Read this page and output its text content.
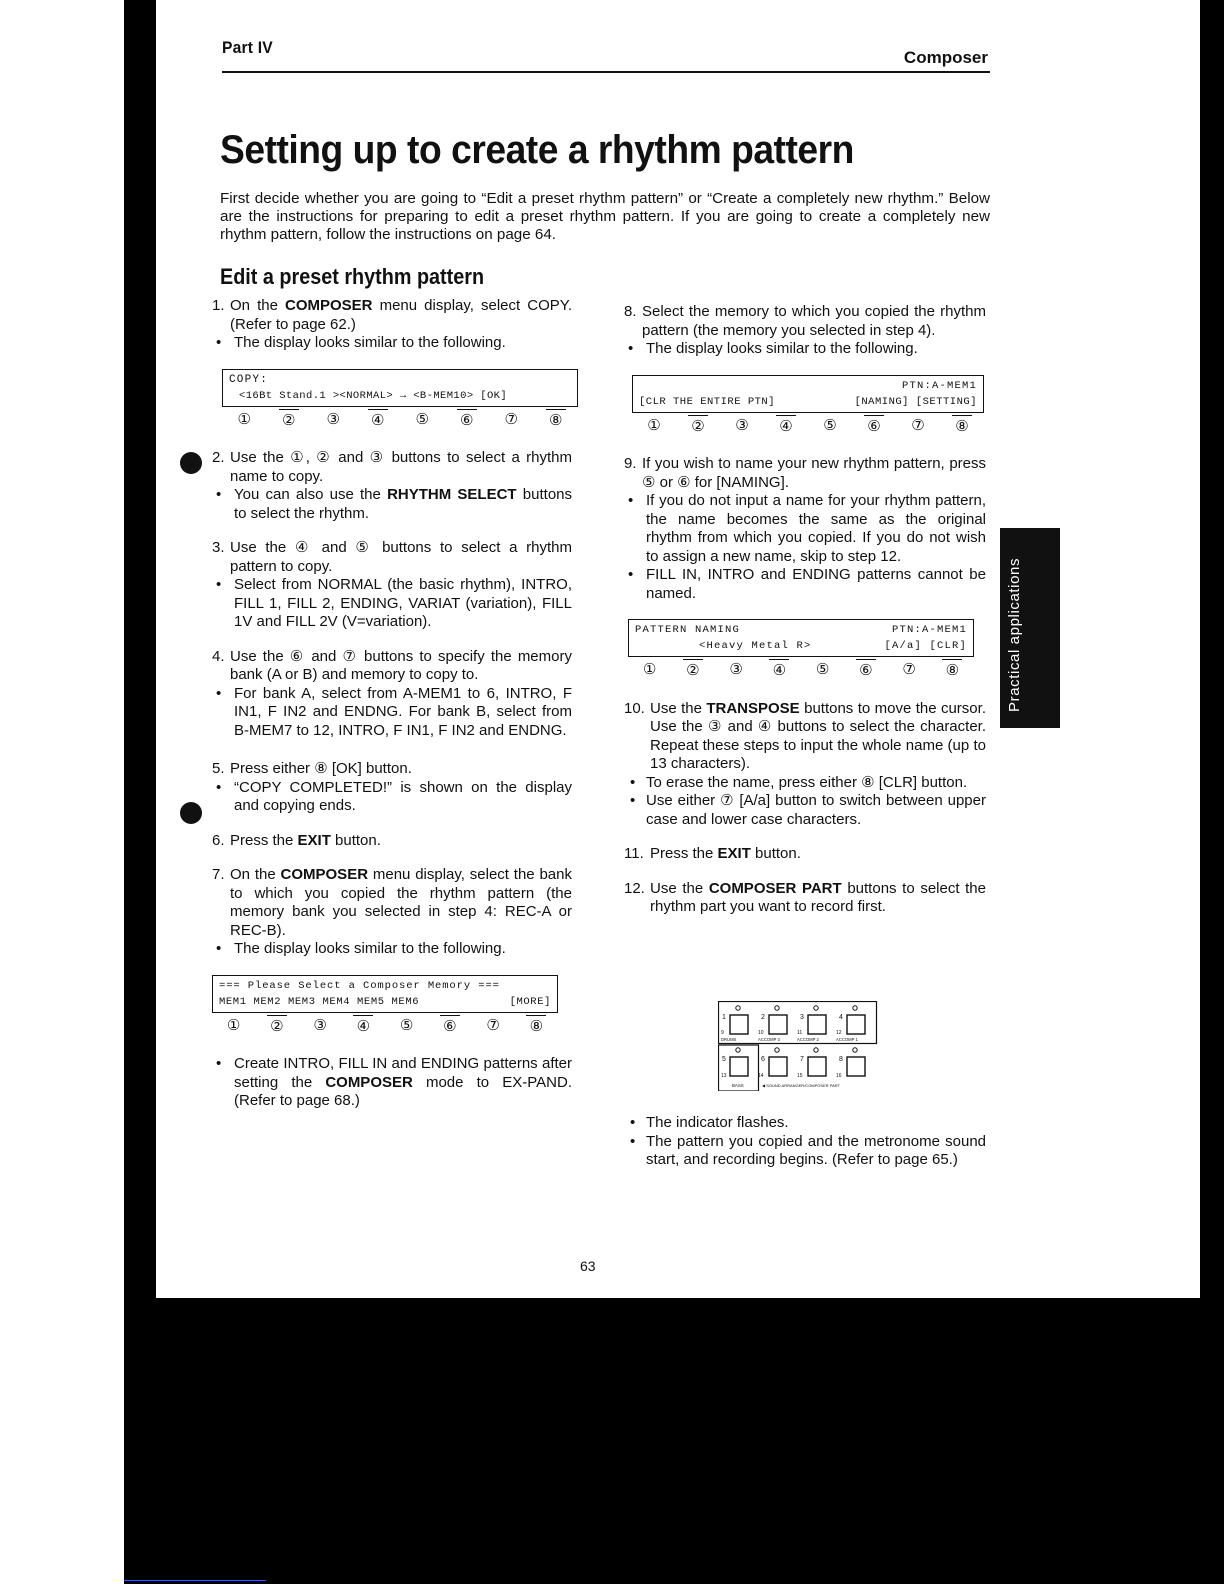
Part IV
Composer
Setting up to create a rhythm pattern

First decide whether you are going to “Edit a preset rhythm pattern” or “Create a completely new rhythm.” Below are the instructions for preparing to edit a preset rhythm pattern. If you are going to create a completely new rhythm pattern, follow the instructions on page 64.

Edit a preset rhythm pattern
1. On the COMPOSER menu display, select COPY. (Refer to page 62.)
• The display looks similar to the following.
COPY:
<16Bt Stand.1 ><NORMAL> → <B-MEM10> [OK]
① ② ③ ④ ⑤ ⑥ ⑦ ⑧
2. Use the ①, ② and ③ buttons to select a rhythm name to copy.
• You can also use the RHYTHM SELECT buttons to select the rhythm.
3. Use the ④ and ⑤ buttons to select a rhythm pattern to copy.
• Select from NORMAL (the basic rhythm), INTRO, FILL 1, FILL 2, ENDING, VARIAT (variation), FILL 1V and FILL 2V (V=variation).
4. Use the ⑥ and ⑦ buttons to specify the memory bank (A or B) and memory to copy to.
• For bank A, select from A-MEM1 to 6, INTRO, F IN1, F IN2 and ENDNG. For bank B, select from B-MEM7 to 12, INTRO, F IN1, F IN2 and ENDNG.
5. Press either ⑧ [OK] button.
• “COPY COMPLETED!” is shown on the display and copying ends.
6. Press the EXIT button.
7. On the COMPOSER menu display, select the bank to which you copied the rhythm pattern (the memory bank you selected in step 4: REC-A or REC-B).
• The display looks similar to the following.
=== Please Select a Composer Memory ===
MEM1 MEM2 MEM3 MEM4 MEM5 MEM6	[MORE]
① ② ③ ④ ⑤ ⑥ ⑦ ⑧
• Create INTRO, FILL IN and ENDING patterns after setting the COMPOSER mode to EX-PAND. (Refer to page 68.)
8. Select the memory to which you copied the rhythm pattern (the memory you selected in step 4).
• The display looks similar to the following.
PTN:A-MEM1
[CLR THE ENTIRE PTN]	[NAMING] [SETTING]
① ② ③ ④ ⑤ ⑥ ⑦ ⑧
9. If you wish to name your new rhythm pattern, press ⑤ or ⑥ for [NAMING].
• If you do not input a name for your rhythm pattern, the name becomes the same as the original rhythm from which you copied. If you do not wish to assign a new name, skip to step 12.
• FILL IN, INTRO and ENDING patterns cannot be named.
PATTERN NAMING	PTN:A-MEM1
<Heavy Metal R>	[A/a] [CLR]
① ② ③ ④ ⑤ ⑥ ⑦ ⑧
10. Use the TRANSPOSE buttons to move the cursor. Use the ③ and ④ buttons to select the character. Repeat these steps to input the whole name (up to 13 characters).
• To erase the name, press either ⑧ [CLR] button.
• Use either ⑦ [A/a] button to switch between upper case and lower case characters.
11. Press the EXIT button.
12. Use the COMPOSER PART buttons to select the rhythm part you want to record first.
1	2	3	4
9	10	11	12
DRUMS	ACCOMP 3	ACCOMP 2	ACCOMP 1
5	6	7	8
13	14	15	16
BASS	◀ SOUND ARRANGER/COMPOSER PART
• The indicator flashes.
• The pattern you copied and the metronome sound start, and recording begins. (Refer to page 65.)
Practical applications
63
